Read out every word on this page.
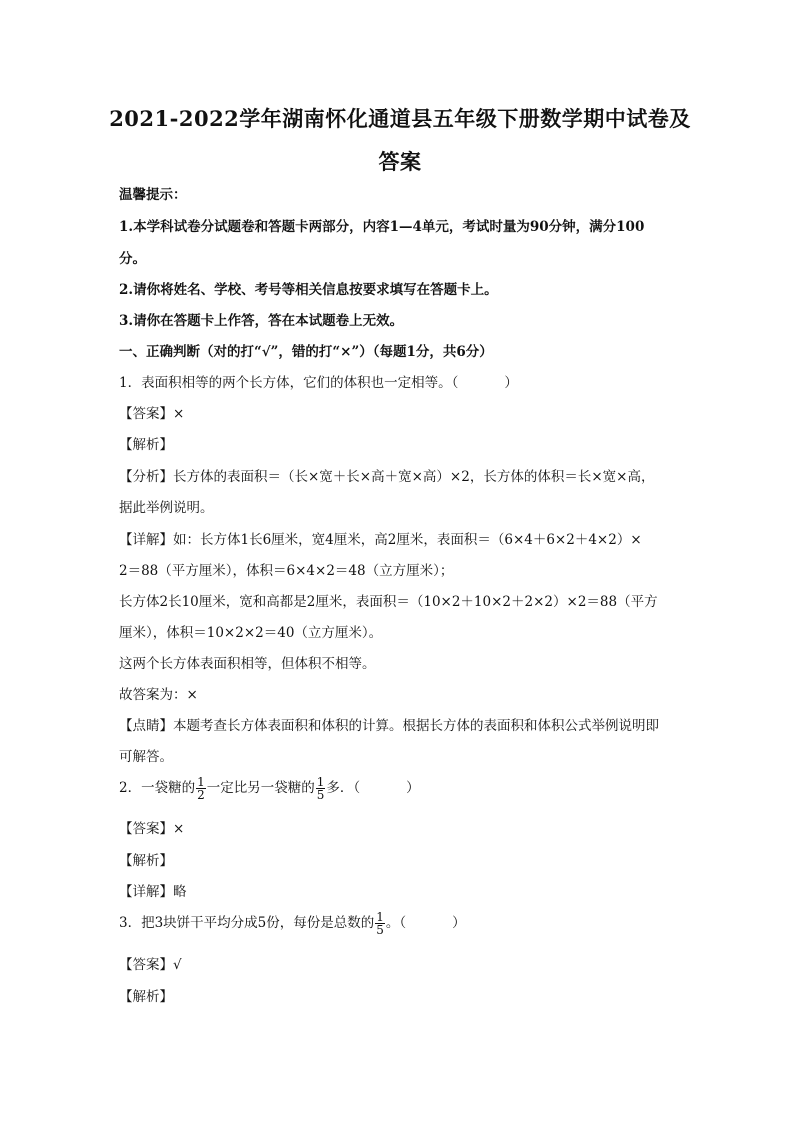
2021-2022学年湖南怀化通道县五年级下册数学期中试卷及
答案
温馨提示：
1.本学科试卷分试题卷和答题卡两部分，内容1—4单元，考试时量为90分钟，满分100
分。
2.请你将姓名、学校、考号等相关信息按要求填写在答题卡上。
3.请你在答题卡上作答，答在本试题卷上无效。
一、正确判断（对的打“√”，错的打“×”）（每题1分，共6分）
1．表面积相等的两个长方体，它们的体积也一定相等。（	）
【答案】×
【解析】
【分析】长方体的表面积＝（长×宽＋长×高＋宽×高）×2，长方体的体积＝长×宽×高，
据此举例说明。
【详解】如：长方体1长6厘米，宽4厘米，高2厘米，表面积＝（6×4＋6×2＋4×2）×
2＝88（平方厘米），体积＝6×4×2＝48（立方厘米）；
长方体2长10厘米，宽和高都是2厘米，表面积＝（10×2＋10×2＋2×2）×2＝88（平方
厘米），体积＝10×2×2＝40（立方厘米）。
这两个长方体表面积相等，但体积不相等。
故答案为：×
【点睛】本题考查长方体表面积和体积的计算。根据长方体的表面积和体积公式举例说明即
可解答。
2．一袋糖的 $\frac{1}{2}$ 一定比另一袋糖的 $\frac{1}{5}$ 多．（	）
【答案】×
【解析】
【详解】略
3．把3块饼干平均分成5份，每份是总数的 $\frac{1}{5}$ 。（	）
【答案】√
【解析】
